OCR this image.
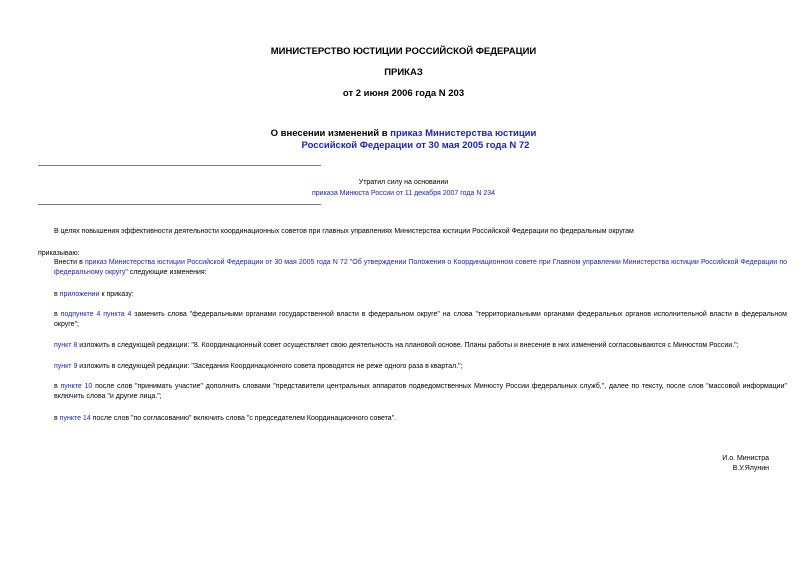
МИНИСТЕРСТВО ЮСТИЦИИ РОССИЙСКОЙ ФЕДЕРАЦИИ
ПРИКАЗ
от 2 июня 2006 года N 203
О внесении изменений в приказ Министерства юстиции
Российской Федерации от 30 мая 2005 года N 72
Утратил силу на основании
приказа Минюста России от 11 декабря 2007 года N 234
В целях повышения эффективности деятельности координационных советов при главных управлениях Министерства юстиции Российской Федерации по федеральным округам
приказываю:
Внести в приказ Министерства юстиции Российской Федерации от 30 мая 2005 года N 72 "Об утверждении Положения о Координационном совете при Главном управлении Министерства юстиции Российской Федерации по федеральному округу" следующие изменения:
в приложении к приказу:
в подпункте 4 пункта 4 заменить слова "федеральными органами государственной власти в федеральном округе" на слова "территориальными органами федеральных органов исполнительной власти в федеральном округе";
пункт 8 изложить в следующей редакции: "8. Координационный совет осуществляет свою деятельность на плановой основе. Планы работы и внесение в них изменений согласовываются с Минюстом России.";
пункт 9 изложить в следующей редакции: "Заседания Координационного совета проводятся не реже одного раза в квартал.";
в пункте 10 после слов "принимать участие" дополнить словами "представители центральных аппаратов подведомственных Минюсту России федеральных служб,", далее по тексту, после слов "массовой информации" включить слова "и другие лица.";
в пункте 14 после слов "по согласованию" включить слова "с председателем Координационного совета".
И.о. Министра
В.У.Ялунин
